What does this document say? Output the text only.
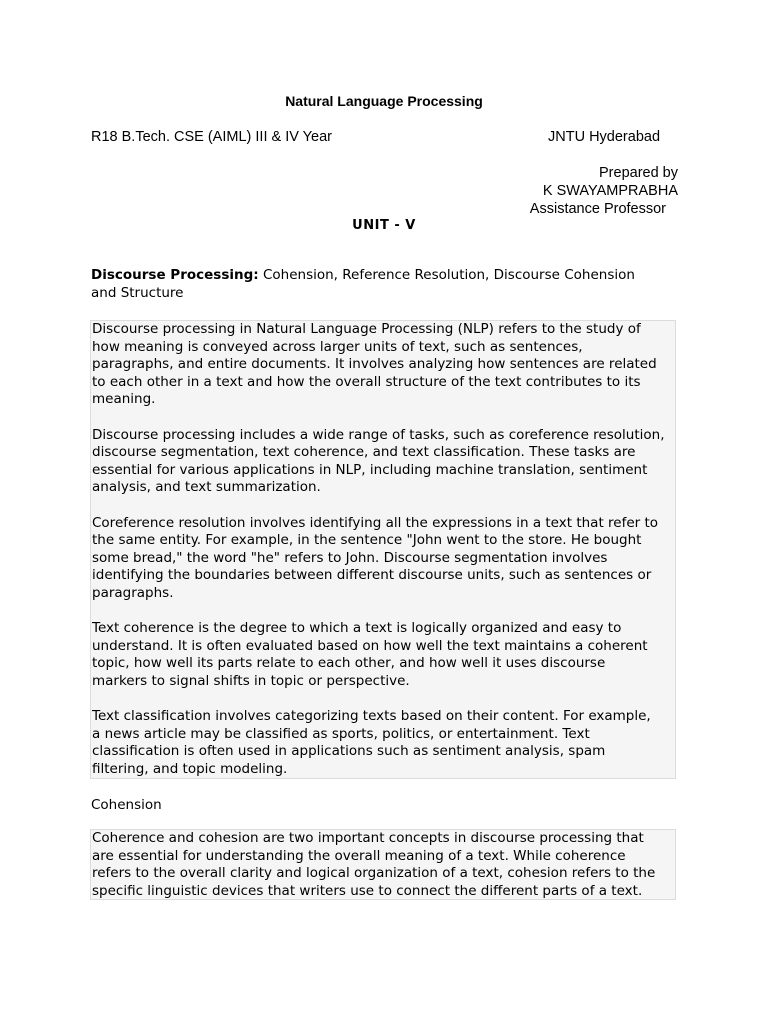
Natural Language Processing
R18 B.Tech. CSE (AIML) III & IV Year	JNTU Hyderabad
Prepared by
K SWAYAMPRABHA
Assistance Professor
UNIT - V
Discourse Processing: Cohension, Reference Resolution, Discourse Cohension
and Structure

Discourse processing in Natural Language Processing (NLP) refers to the study of
how meaning is conveyed across larger units of text, such as sentences,
paragraphs, and entire documents. It involves analyzing how sentences are related
to each other in a text and how the overall structure of the text contributes to its
meaning.

Discourse processing includes a wide range of tasks, such as coreference resolution,
discourse segmentation, text coherence, and text classification. These tasks are
essential for various applications in NLP, including machine translation, sentiment
analysis, and text summarization.

Coreference resolution involves identifying all the expressions in a text that refer to
the same entity. For example, in the sentence "John went to the store. He bought
some bread," the word "he" refers to John. Discourse segmentation involves
identifying the boundaries between different discourse units, such as sentences or
paragraphs.

Text coherence is the degree to which a text is logically organized and easy to
understand. It is often evaluated based on how well the text maintains a coherent
topic, how well its parts relate to each other, and how well it uses discourse
markers to signal shifts in topic or perspective.

Text classification involves categorizing texts based on their content. For example,
a news article may be classified as sports, politics, or entertainment. Text
classification is often used in applications such as sentiment analysis, spam
filtering, and topic modeling.

Cohension

Coherence and cohesion are two important concepts in discourse processing that
are essential for understanding the overall meaning of a text. While coherence
refers to the overall clarity and logical organization of a text, cohesion refers to the
specific linguistic devices that writers use to connect the different parts of a text.
